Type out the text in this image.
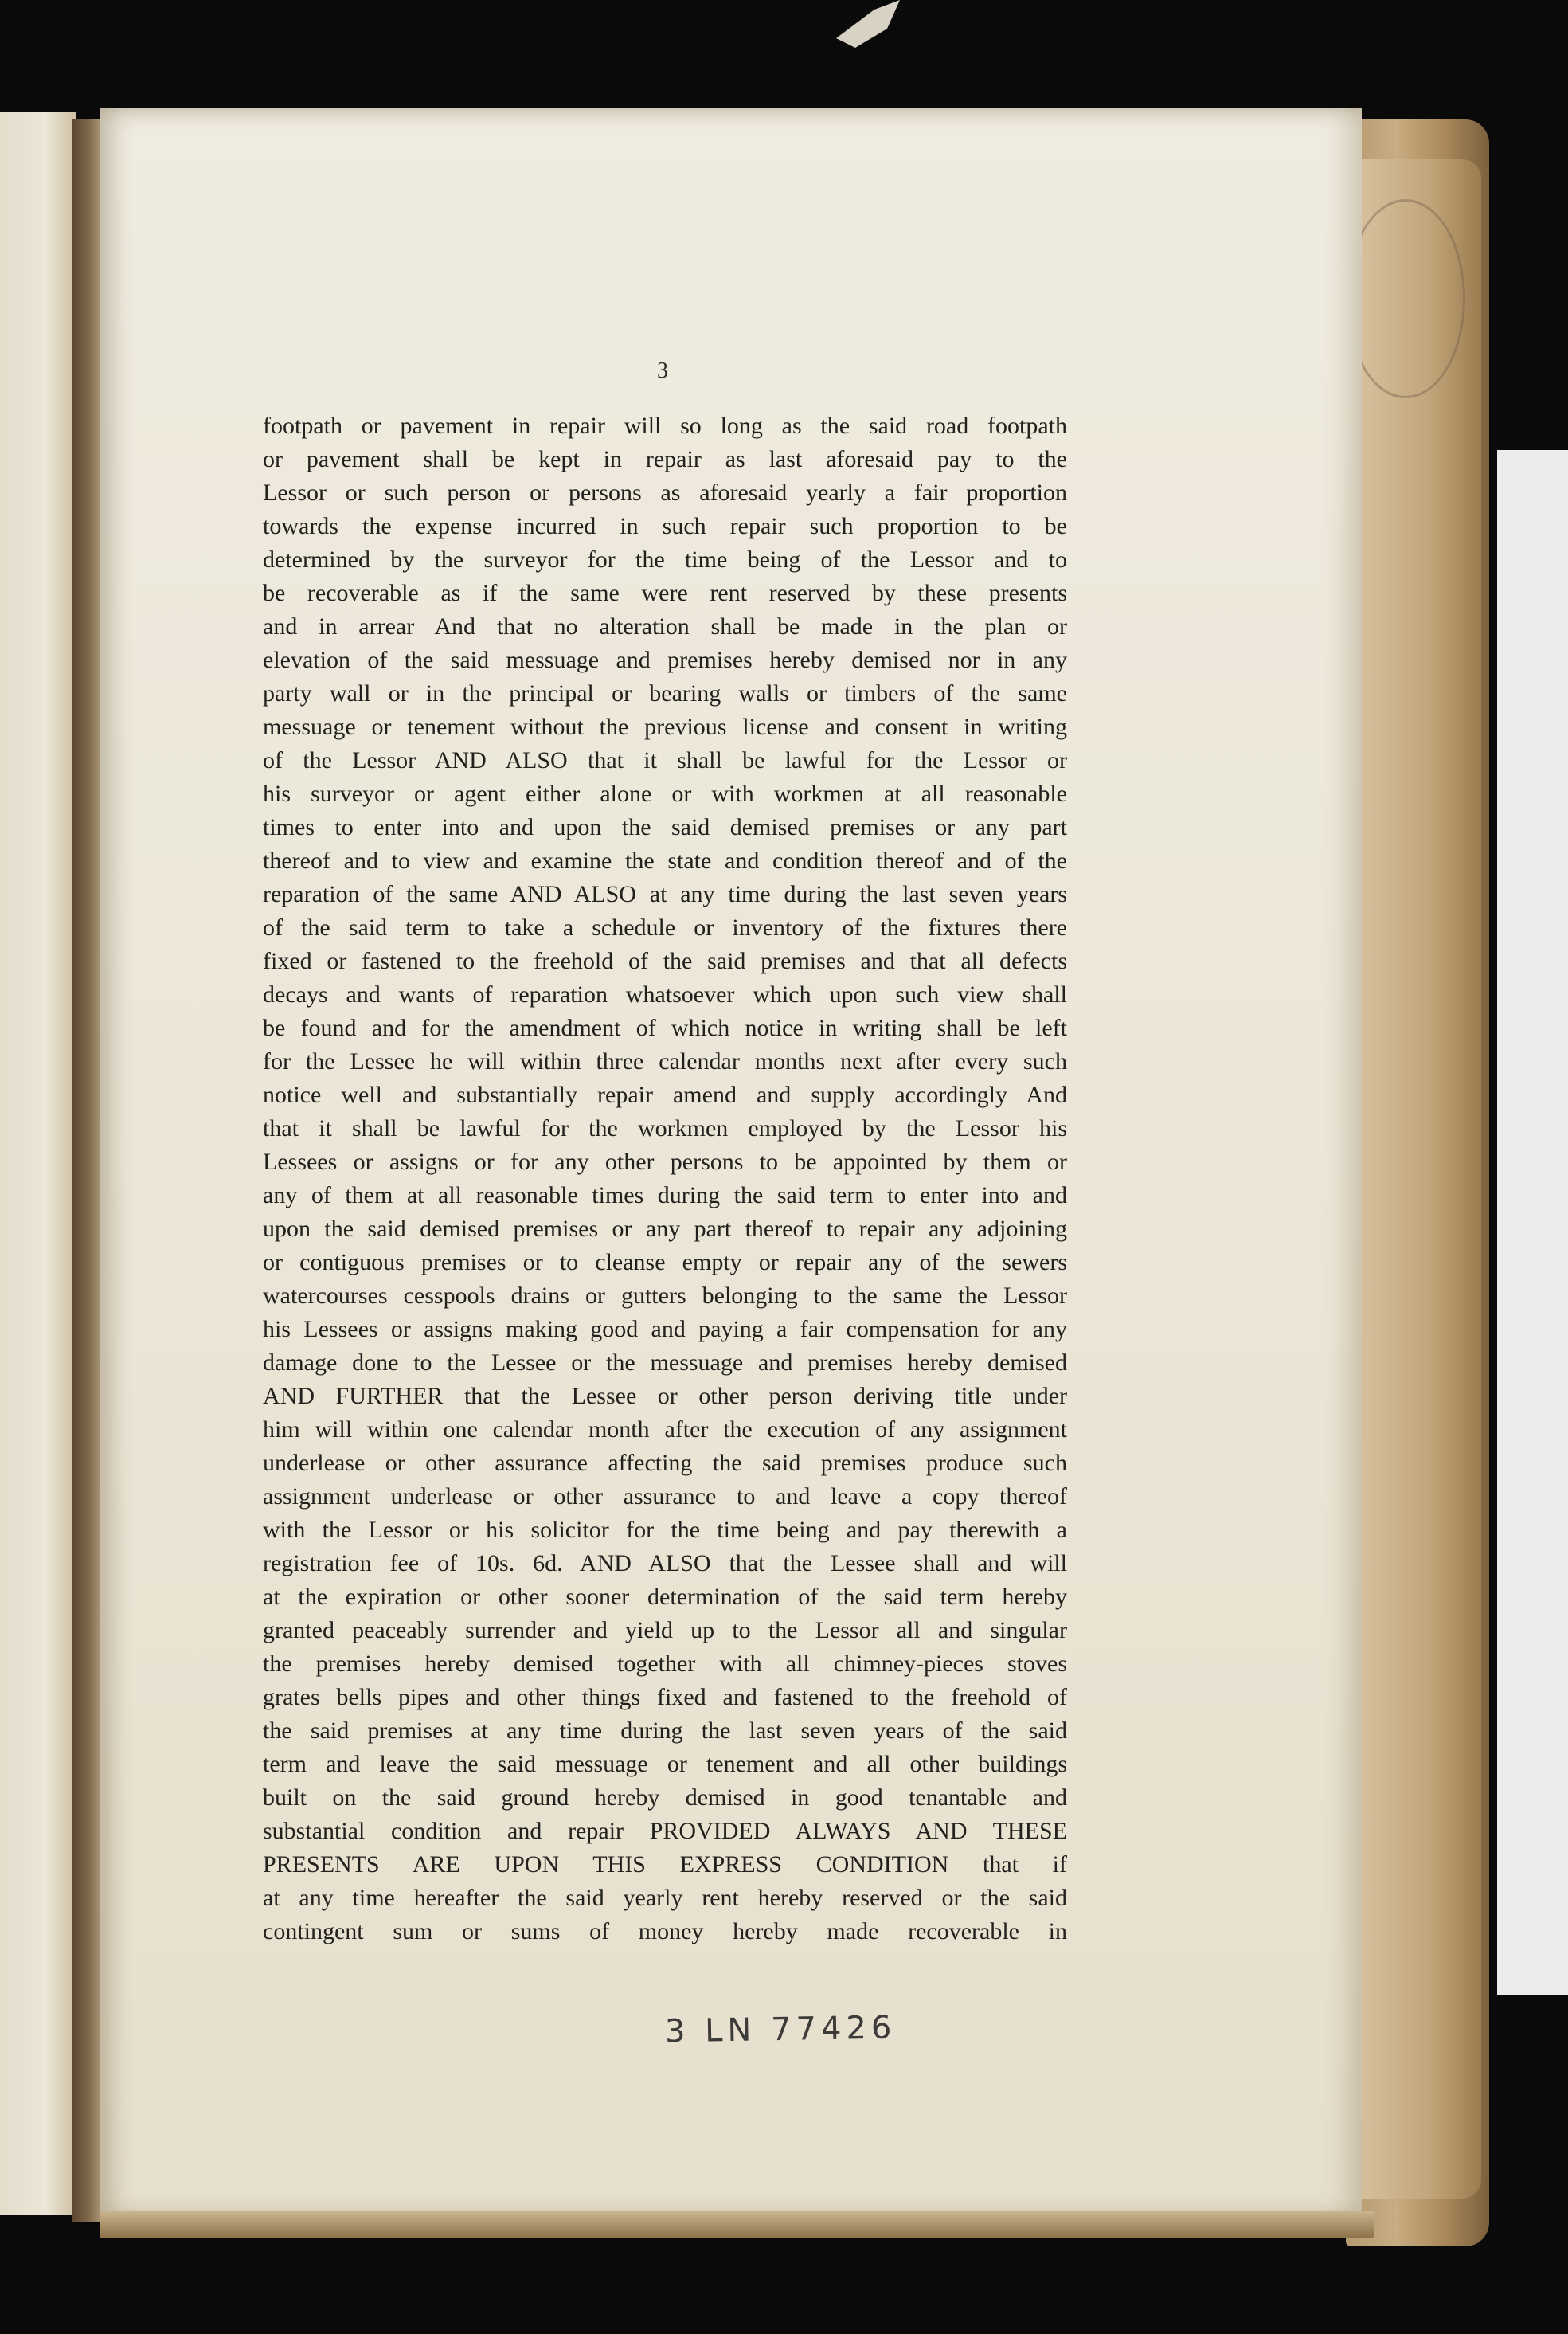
3
footpath or pavement in repair will so long as the said road footpath
or pavement shall be kept in repair as last aforesaid pay to the
Lessor or such person or persons as aforesaid yearly a fair proportion
towards the expense incurred in such repair such proportion to be
determined by the surveyor for the time being of the Lessor and to
be recoverable as if the same were rent reserved by these presents
and in arrear And that no alteration shall be made in the plan or
elevation of the said messuage and premises hereby demised nor in any
party wall or in the principal or bearing walls or timbers of the same
messuage or tenement without the previous license and consent in writing
of the Lessor AND ALSO that it shall be lawful for the Lessor or
his surveyor or agent either alone or with workmen at all reasonable
times to enter into and upon the said demised premises or any part
thereof and to view and examine the state and condition thereof and of the
reparation of the same AND ALSO at any time during the last seven years
of the said term to take a schedule or inventory of the fixtures there
fixed or fastened to the freehold of the said premises and that all defects
decays and wants of reparation whatsoever which upon such view shall
be found and for the amendment of which notice in writing shall be left
for the Lessee he will within three calendar months next after every such
notice well and substantially repair amend and supply accordingly And
that it shall be lawful for the workmen employed by the Lessor his
Lessees or assigns or for any other persons to be appointed by them or
any of them at all reasonable times during the said term to enter into and
upon the said demised premises or any part thereof to repair any adjoining
or contiguous premises or to cleanse empty or repair any of the sewers
watercourses cesspools drains or gutters belonging to the same the Lessor
his Lessees or assigns making good and paying a fair compensation for any
damage done to the Lessee or the messuage and premises hereby demised
AND FURTHER that the Lessee or other person deriving title under
him will within one calendar month after the execution of any assignment
underlease or other assurance affecting the said premises produce such
assignment underlease or other assurance to and leave a copy thereof
with the Lessor or his solicitor for the time being and pay therewith a
registration fee of 10s. 6d. AND ALSO that the Lessee shall and will
at the expiration or other sooner determination of the said term hereby
granted peaceably surrender and yield up to the Lessor all and singular
the premises hereby demised together with all chimney-pieces stoves
grates bells pipes and other things fixed and fastened to the freehold of
the said premises at any time during the last seven years of the said
term and leave the said messuage or tenement and all other buildings
built on the said ground hereby demised in good tenantable and
substantial condition and repair PROVIDED ALWAYS AND THESE
PRESENTS ARE UPON THIS EXPRESS CONDITION that if
at any time hereafter the said yearly rent hereby reserved or the said
contingent sum or sums of money hereby made recoverable in
3 LN 77426
